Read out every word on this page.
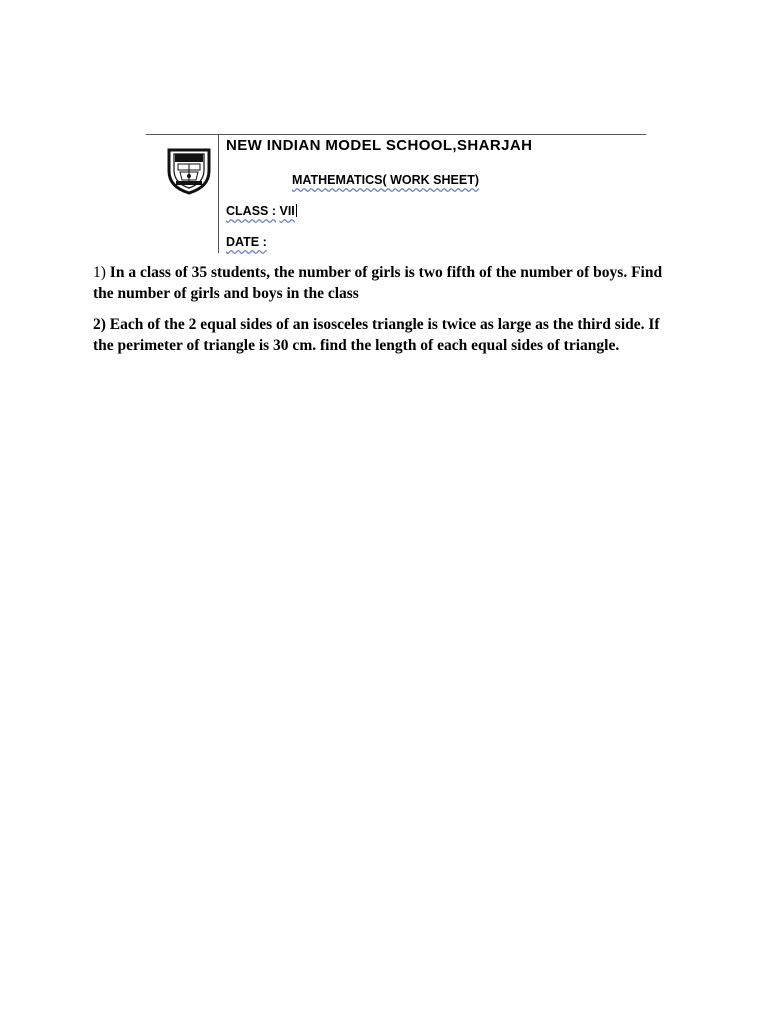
NEW INDIAN MODEL SCHOOL,SHARJAH
MATHEMATICS( WORK SHEET)
CLASS : VII
DATE :

1) In a class of 35 students, the number of girls is two fifth of the number of boys. Find the number of girls and boys in the class

2) Each of the 2 equal sides of an isosceles triangle is twice as large as the third side. If the perimeter of triangle is 30 cm. find the length of each equal sides of triangle.
